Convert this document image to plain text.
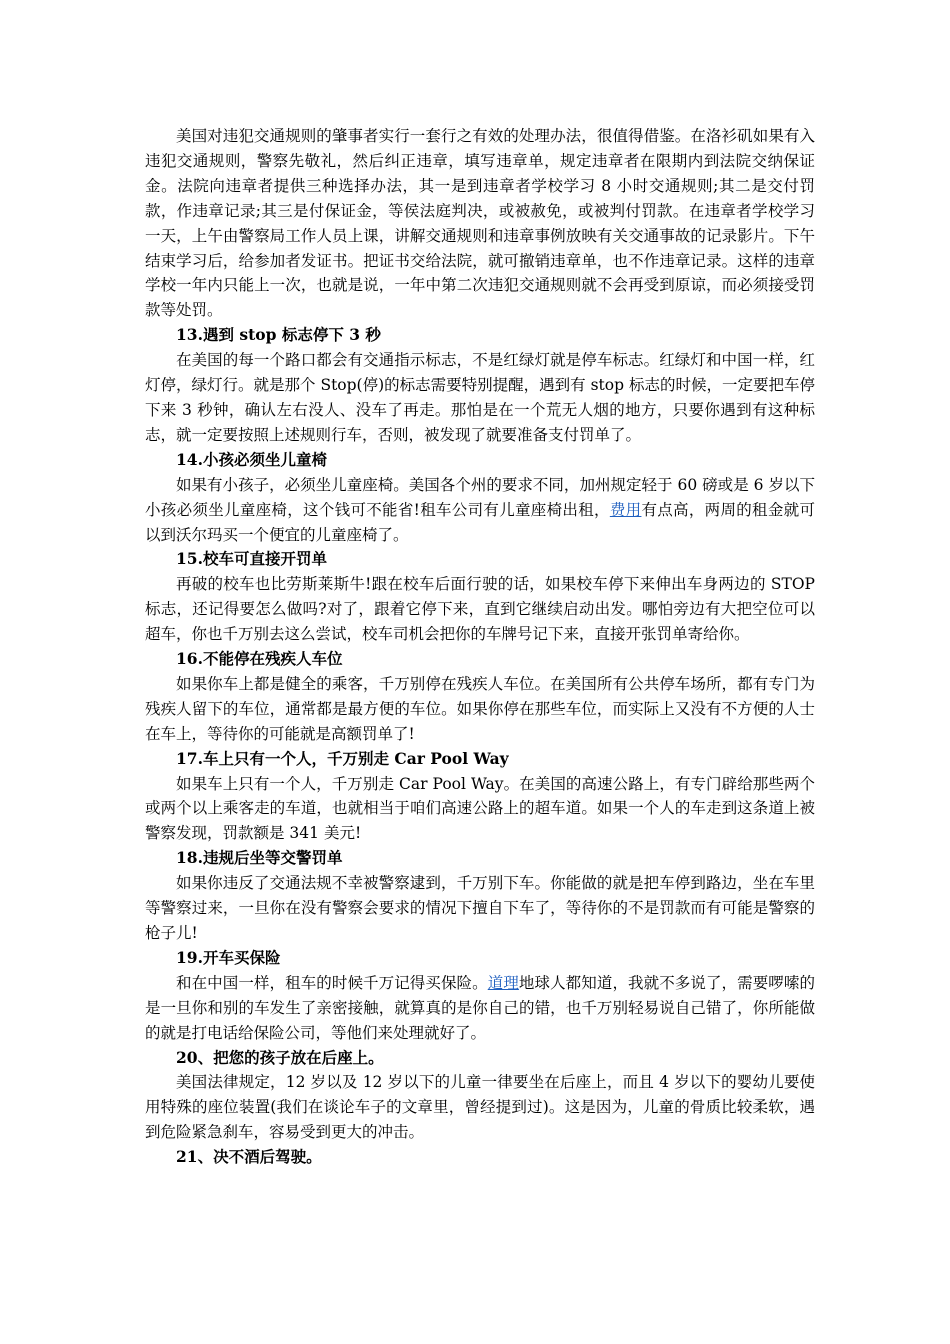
美国对违犯交通规则的肇事者实行一套行之有效的处理办法，很值得借鉴。在洛衫矶如果有入违犯交通规则，警察先敬礼，然后纠正违章，填写违章单，规定违章者在限期内到法院交纳保证金。法院向违章者提供三种选择办法，其一是到违章者学校学习 8 小时交通规则;其二是交付罚款，作违章记录;其三是付保证金，等侯法庭判决，或被赦免，或被判付罚款。在违章者学校学习一天，上午由警察局工作人员上课，讲解交通规则和违章事例放映有关交通事故的记录影片。下午结束学习后，给参加者发证书。把证书交给法院，就可撤销违章单，也不作违章记录。这样的违章学校一年内只能上一次，也就是说，一年中第二次违犯交通规则就不会再受到原谅，而必须接受罚款等处罚。

13.遇到 stop 标志停下 3 秒

在美国的每一个路口都会有交通指示标志，不是红绿灯就是停车标志。红绿灯和中国一样，红灯停，绿灯行。就是那个 Stop(停)的标志需要特别提醒，遇到有 stop 标志的时候，一定要把车停下来 3 秒钟，确认左右没人、没车了再走。那怕是在一个荒无人烟的地方，只要你遇到有这种标志，就一定要按照上述规则行车，否则，被发现了就要准备支付罚单了。

14.小孩必须坐儿童椅

如果有小孩子，必须坐儿童座椅。美国各个州的要求不同，加州规定轻于 60 磅或是 6 岁以下小孩必须坐儿童座椅，这个钱可不能省!租车公司有儿童座椅出租，费用有点高，两周的租金就可以到沃尔玛买一个便宜的儿童座椅了。

15.校车可直接开罚单

再破的校车也比劳斯莱斯牛!跟在校车后面行驶的话，如果校车停下来伸出车身两边的 STOP 标志，还记得要怎么做吗?对了，跟着它停下来，直到它继续启动出发。哪怕旁边有大把空位可以超车，你也千万别去这么尝试，校车司机会把你的车牌号记下来，直接开张罚单寄给你。

16.不能停在残疾人车位

如果你车上都是健全的乘客，千万别停在残疾人车位。在美国所有公共停车场所，都有专门为残疾人留下的车位，通常都是最方便的车位。如果你停在那些车位，而实际上又没有不方便的人士在车上，等待你的可能就是高额罚单了!

17.车上只有一个人，千万别走 Car Pool Way

如果车上只有一个人，千万别走 Car Pool Way。在美国的高速公路上，有专门辟给那些两个或两个以上乘客走的车道，也就相当于咱们高速公路上的超车道。如果一个人的车走到这条道上被警察发现，罚款额是 341 美元!

18.违规后坐等交警罚单

如果你违反了交通法规不幸被警察逮到，千万别下车。你能做的就是把车停到路边，坐在车里等警察过来，一旦你在没有警察会要求的情况下擅自下车了，等待你的不是罚款而有可能是警察的枪子儿!

19.开车买保险

和在中国一样，租车的时候千万记得买保险。道理地球人都知道，我就不多说了，需要啰嗦的是一旦你和别的车发生了亲密接触，就算真的是你自己的错，也千万别轻易说自己错了，你所能做的就是打电话给保险公司，等他们来处理就好了。

20、把您的孩子放在后座上。

美国法律规定，12 岁以及 12 岁以下的儿童一律要坐在后座上，而且 4 岁以下的婴幼儿要使用特殊的座位装置(我们在谈论车子的文章里，曾经提到过)。这是因为，儿童的骨质比较柔软，遇到危险紧急刹车，容易受到更大的冲击。

21、决不酒后驾驶。
